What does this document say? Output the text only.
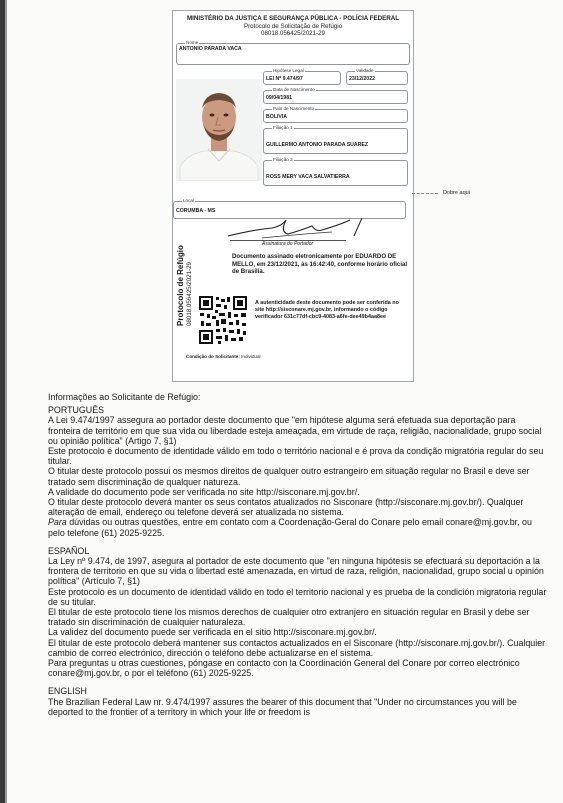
MINISTÉRIO DA JUSTIÇA E SEGURANÇA PÚBLICA - POLÍCIA FEDERAL
Protocolo de Solicitação de Refúgio
08018.056425/2021-29
Nome
ANTONIO PARADA VACA
Hipótese Legal
LEI Nº 9.474/97
Validade
23/12/2022
Data de Nascimento
09/04/1981
País de Nascimento
BOLIVIA
Filiação 1
GUILLERMO ANTONIO PARADA SUAREZ
Filiação 2
ROSS MERY VACA SALVATIERRA
Local
CORUMBA - MS
Assinatura do Portador
Dobre aqui
Protocolo de Refúgio 08018.056425/2021-29
Documento assinado eletronicamente por EDUARDO DE MELLO, em 23/12/2021, às 16:42:40, conforme horário oficial de Brasília.
A autenticidade deste documento pode ser conferida no site http://sisconare.mj.gov.br, informando o código verificador 631c77df-cbc9-4083-a6fe-dee49b4aa8ee
Condição do Solicitante: Individual

Informações ao Solicitante de Refúgio:

PORTUGUÊS

A Lei 9.474/1997 assegura ao portador deste documento que "em hipótese alguma será efetuada sua deportação para fronteira de território em que sua vida ou liberdade esteja ameaçada, em virtude de raça, religião, nacionalidade, grupo social ou opinião política" (Artigo 7, §1)

Este protocolo é documento de identidade válido em todo o território nacional e é prova da condição migratória regular do seu titular.

O titular deste protocolo possui os mesmos direitos de qualquer outro estrangeiro em situação regular no Brasil e deve ser tratado sem discriminação de qualquer natureza.

A validade do documento pode ser verificada no site http://sisconare.mj.gov.br/.

O titular deste protocolo deverá manter os seus contatos atualizados no Sisconare (http://sisconare.mj.gov.br/). Qualquer alteração de email, endereço ou telefone deverá ser atualizada no sistema.

Para dúvidas ou outras questões, entre em contato com a Coordenação-Geral do Conare pelo email conare@mj.gov.br, ou pelo telefone (61) 2025-9225.

ESPAÑOL

La Ley nº 9.474, de 1997, asegura al portador de este documento que "en ninguna hipótesis se efectuará su deportación a la frontera de territorio en que su vida o libertad esté amenazada, en virtud de raza, religión, nacionalidad, grupo social u opinión política" (Artículo 7, §1)

Este protocolo es un documento de identidad válido en todo el territorio nacional y es prueba de la condición migratoria regular de su titular.

El titular de este protocolo tiene los mismos derechos de cualquier otro extranjero en situación regular en Brasil y debe ser tratado sin discriminación de cualquier naturaleza.

La validez del documento puede ser verificada en el sitio http://sisconare.mj.gov.br/.

El titular de este protocolo deberá mantener sus contactos actualizados en el Sisconare (http://sisconare.mj.gov.br/). Cualquier cambio de correo electrónico, dirección o teléfono debe actualizarse en el sistema.

Para preguntas u otras cuestiones, póngase en contacto con la Coordinación General del Conare por correo electrónico conare@mj.gov.br, o por el teléfono (61) 2025-9225.

ENGLISH

The Brazilian Federal Law nr. 9.474/1997 assures the bearer of this document that "Under no circumstances you will be deported to the frontier of a territory in which your life or freedom is
